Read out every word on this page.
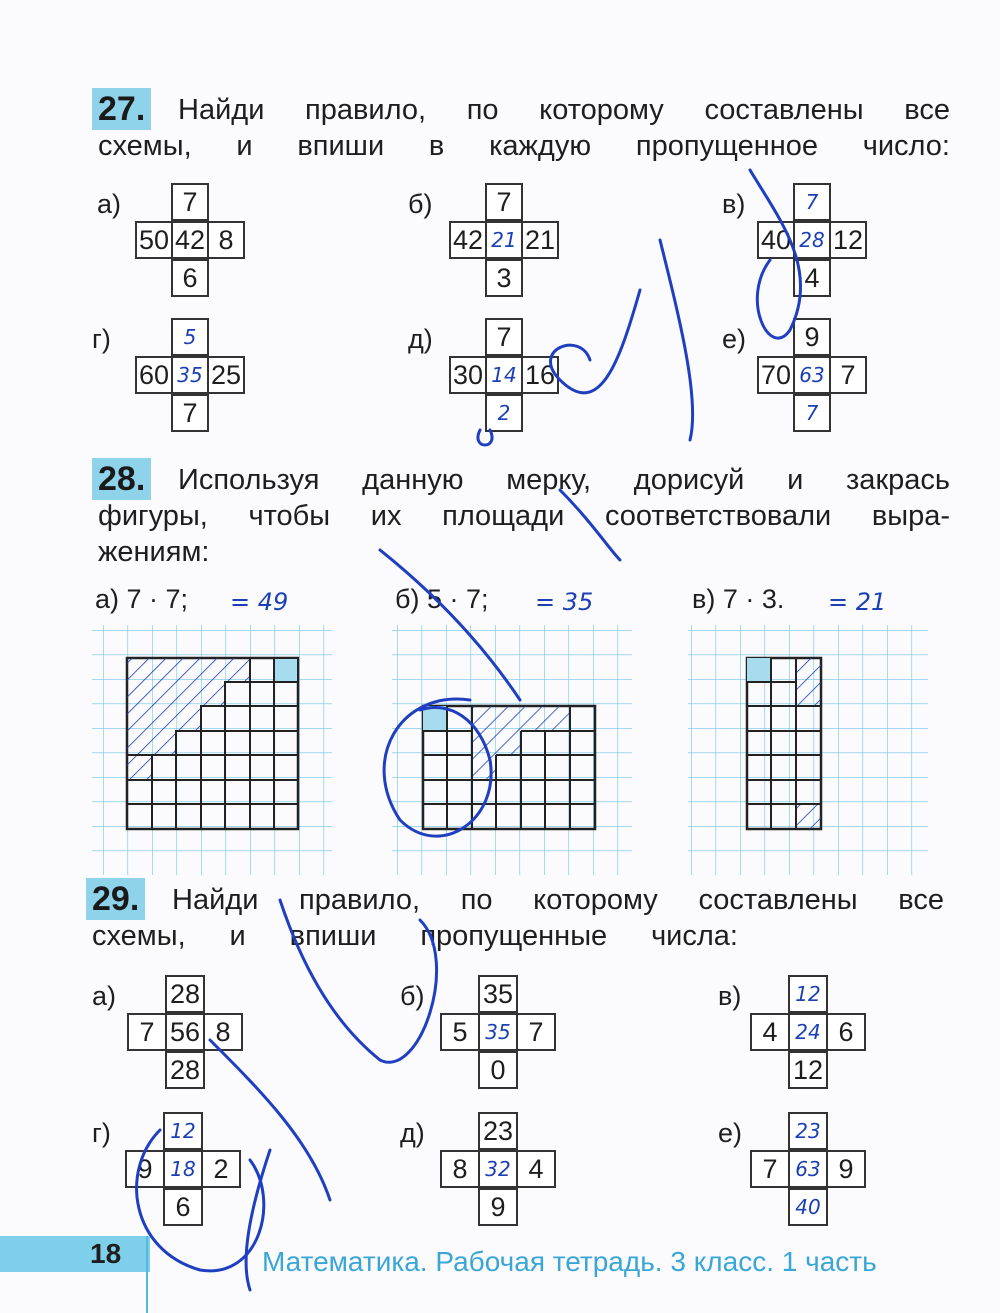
27. Найди правило, по которому составлены все
схемы, и впиши в каждую пропущенное число:
а)	7
50 42 8
6
б)	7
42 21 21
3
в)	7
40 28 12
4
г)	5
60 35 25
7
д)	7
30 14 16
2
е)	9
70 63 7
7
28. Используя данную мерку, дорисуй и закрась
фигуры, чтобы их площади соответствовали выра-
жениям:
а) 7 · 7; = 49	б) 5 · 7; = 35	в) 7 · 3. = 21
29. Найди правило, по которому составлены все
схемы, и впиши пропущенные числа:
а) 28
7 56 8
28
б) 35
5 35 7
0
в)	12
4 24 6
12
г)	12
9 18 2
6
д) 23
8 32 4
9
е)	23
7 63 9
40
18	Математика. Рабочая тетрадь. 3 класс. 1 часть
